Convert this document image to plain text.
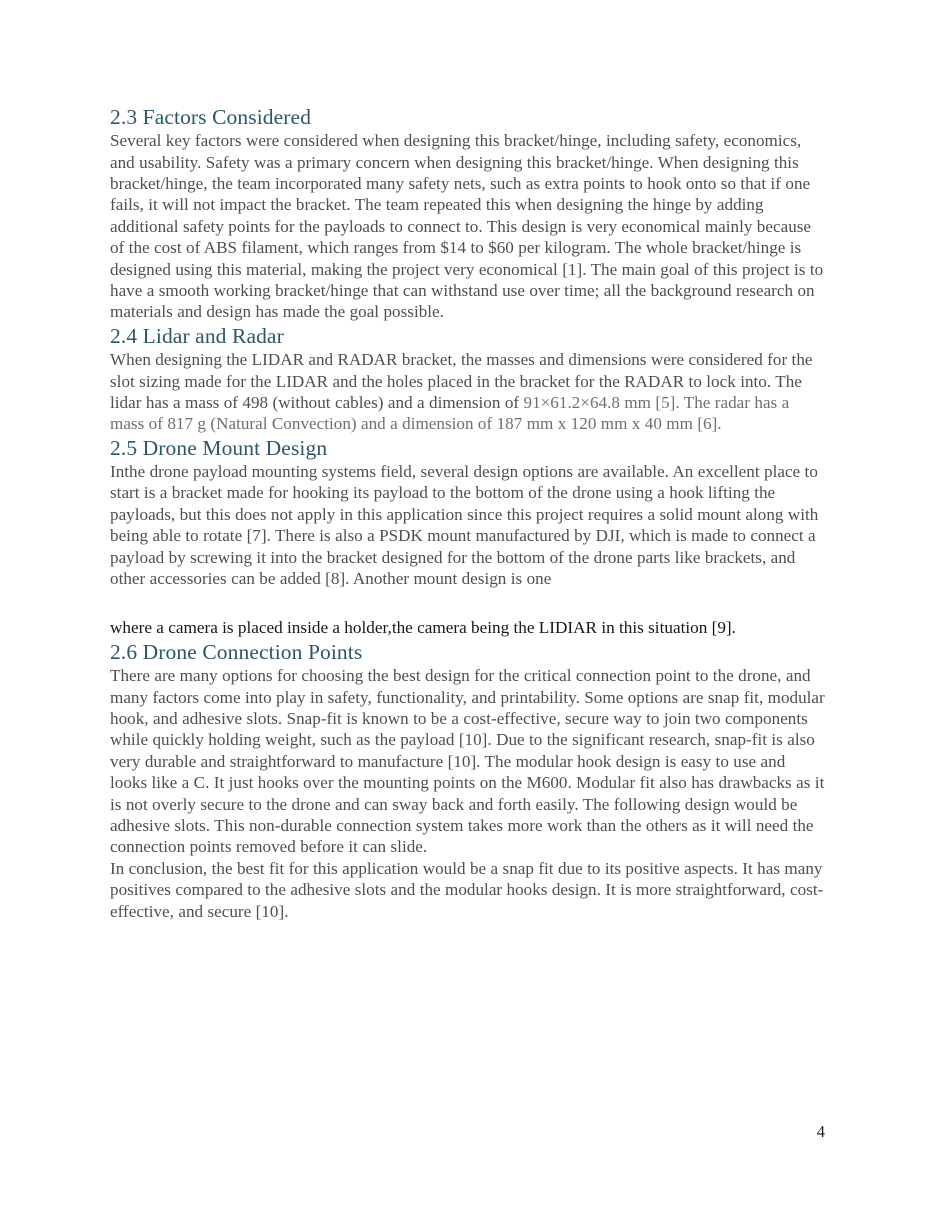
2.3 Factors Considered

Several key factors were considered when designing this bracket/hinge, including safety, economics, and usability. Safety was a primary concern when designing this bracket/hinge. When designing this bracket/hinge, the team incorporated many safety nets, such as extra points to hook onto so that if one fails, it will not impact the bracket. The team repeated this when designing the hinge by adding additional safety points for the payloads to connect to. This design is very economical mainly because of the cost of ABS filament, which ranges from $14 to $60 per kilogram. The whole bracket/hinge is designed using this material, making the project very economical [1]. The main goal of this project is to have a smooth working bracket/hinge that can withstand use over time; all the background research on materials and design has made the goal possible.

2.4 Lidar and Radar

When designing the LIDAR and RADAR bracket, the masses and dimensions were considered for the slot sizing made for the LIDAR and the holes placed in the bracket for the RADAR to lock into. The lidar has a mass of 498 (without cables) and a dimension of 91×61.2×64.8 mm [5]. The radar has a mass of 817 g (Natural Convection) and a dimension of 187 mm x 120 mm x 40 mm [6].

2.5 Drone Mount Design

Inthe drone payload mounting systems field, several design options are available. An excellent place to start is a bracket made for hooking its payload to the bottom of the drone using a hook lifting the payloads, but this does not apply in this application since this project requires a solid mount along with being able to rotate [7]. There is also a PSDK mount manufactured by DJI, which is made to connect a payload by screwing it into the bracket designed for the bottom of the drone parts like brackets, and other accessories can be added [8]. Another mount design is one

where a camera is placed inside a holder,the camera being the LIDIAR in this situation [9].

2.6 Drone Connection Points

There are many options for choosing the best design for the critical connection point to the drone, and many factors come into play in safety, functionality, and printability. Some options are snap fit, modular hook, and adhesive slots. Snap-fit is known to be a cost-effective, secure way to join two components while quickly holding weight, such as the payload [10]. Due to the significant research, snap-fit is also very durable and straightforward to manufacture [10]. The modular hook design is easy to use and looks like a C. It just hooks over the mounting points on the M600. Modular fit also has drawbacks as it is not overly secure to the drone and can sway back and forth easily. The following design would be adhesive slots. This non-durable connection system takes more work than the others as it will need the connection points removed before it can slide.

In conclusion, the best fit for this application would be a snap fit due to its positive aspects. It has many positives compared to the adhesive slots and the modular hooks design. It is more straightforward, cost-effective, and secure [10].

4
